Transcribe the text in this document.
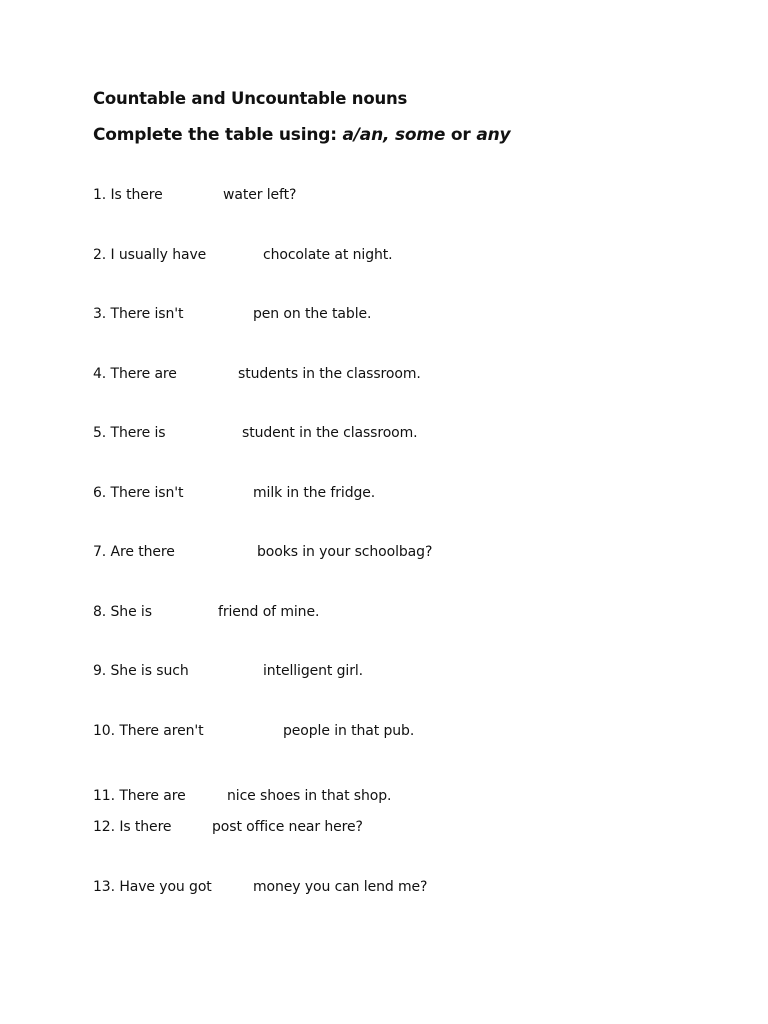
Countable and Uncountable nouns
Complete the table using: a/an, some or any
1. Is there	water left?
2. I usually have	chocolate at night.
3. There isn't	pen on the table.
4. There are	students in the classroom.
5. There is	student in the classroom.
6. There isn't	milk in the fridge.
7. Are there	books in your schoolbag?
8. She is	friend of mine.
9. She is such	intelligent girl.
10. There aren't	people in that pub.
11. There are	nice shoes in that shop.
12. Is there	post office near here?
13. Have you got	money you can lend me?
